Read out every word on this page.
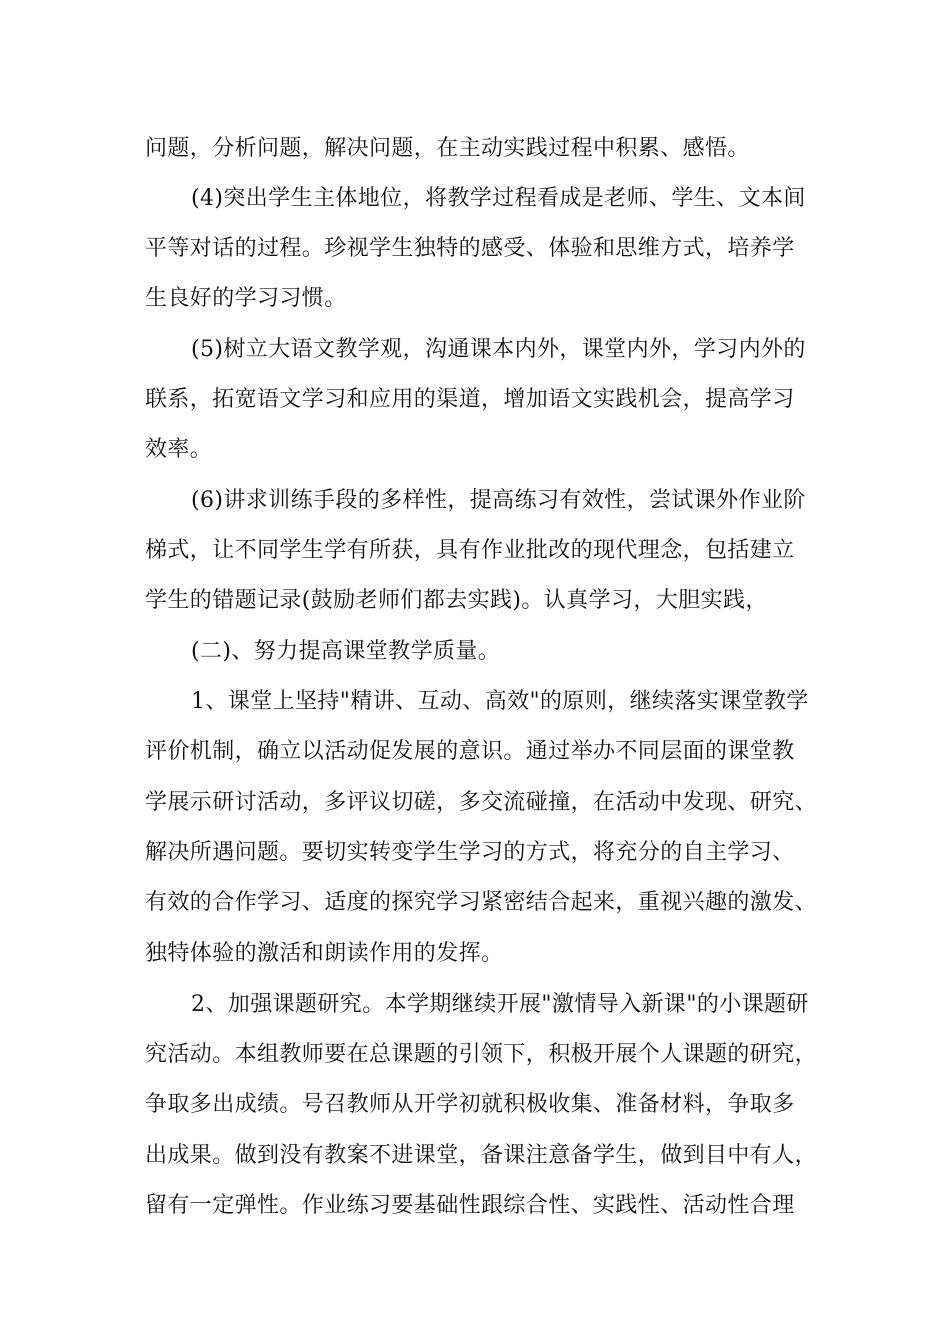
问题，分析问题，解决问题，在主动实践过程中积累、感悟。
(4)突出学生主体地位，将教学过程看成是老师、学生、文本间
平等对话的过程。珍视学生独特的感受、体验和思维方式，培养学
生良好的学习习惯。
(5)树立大语文教学观，沟通课本内外，课堂内外，学习内外的
联系，拓宽语文学习和应用的渠道，增加语文实践机会，提高学习
效率。
(6)讲求训练手段的多样性，提高练习有效性，尝试课外作业阶
梯式，让不同学生学有所获，具有作业批改的现代理念，包括建立
学生的错题记录(鼓励老师们都去实践)。认真学习，大胆实践，
(二)、努力提高课堂教学质量。
1、课堂上坚持"精讲、互动、高效"的原则，继续落实课堂教学
评价机制，确立以活动促发展的意识。通过举办不同层面的课堂教
学展示研讨活动，多评议切磋，多交流碰撞，在活动中发现、研究、
解决所遇问题。要切实转变学生学习的方式，将充分的自主学习、
有效的合作学习、适度的探究学习紧密结合起来，重视兴趣的激发、
独特体验的激活和朗读作用的发挥。
2、加强课题研究。本学期继续开展"激情导入新课"的小课题研
究活动。本组教师要在总课题的引领下，积极开展个人课题的研究，
争取多出成绩。号召教师从开学初就积极收集、准备材料，争取多
出成果。做到没有教案不进课堂，备课注意备学生，做到目中有人，
留有一定弹性。作业练习要基础性跟综合性、实践性、活动性合理
